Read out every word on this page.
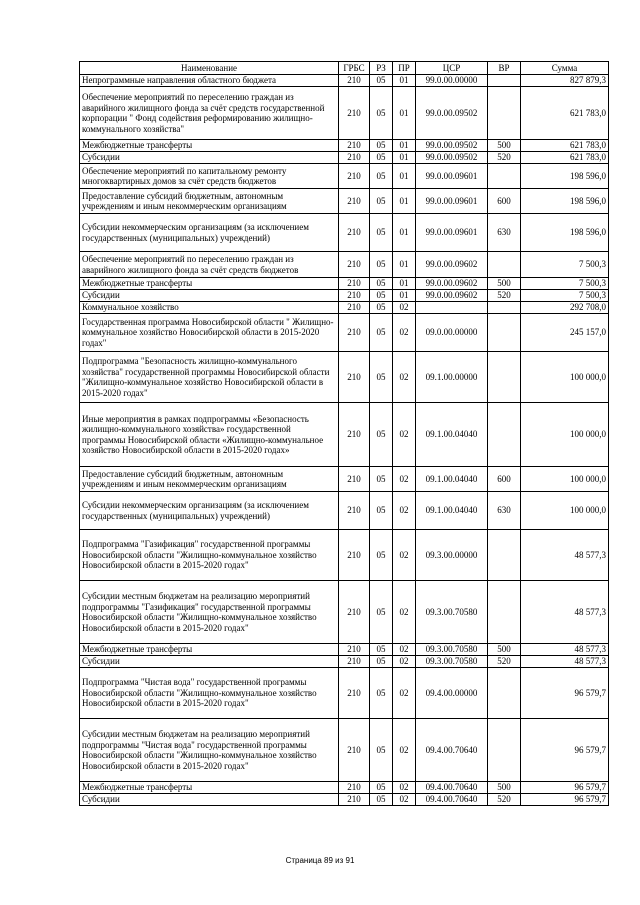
Наименование	ГРБС	РЗ	ПР	ЦСР	ВР	Сумма
Непрограммные направления областного бюджета	210	05	01	99.0.00.00000		827 879,3
Обеспечение мероприятий по переселению граждан из аварийного жилищного фонда за счёт средств государственной корпорации " Фонд содействия реформированию жилищно-коммунального хозяйства"	210	05	01	99.0.00.09502		621 783,0
Межбюджетные трансферты	210	05	01	99.0.00.09502	500	621 783,0
Субсидии	210	05	01	99.0.00.09502	520	621 783,0
Обеспечение мероприятий по капитальному ремонту многоквартирных домов за счёт средств бюджетов	210	05	01	99.0.00.09601		198 596,0
Предоставление субсидий бюджетным, автономным учреждениям и иным некоммерческим организациям	210	05	01	99.0.00.09601	600	198 596,0
Субсидии некоммерческим организациям (за исключением государственных (муниципальных) учреждений)	210	05	01	99.0.00.09601	630	198 596,0
Обеспечение мероприятий по переселению граждан из аварийного жилищного фонда за счёт средств бюджетов	210	05	01	99.0.00.09602		7 500,3
Межбюджетные трансферты	210	05	01	99.0.00.09602	500	7 500,3
Субсидии	210	05	01	99.0.00.09602	520	7 500,3
Коммунальное хозяйство	210	05	02			292 708,0
Государственная программа Новосибирской области " Жилищно-коммунальное хозяйство Новосибирской области в 2015-2020 годах"	210	05	02	09.0.00.00000		245 157,0
Подпрограмма "Безопасность жилищно-коммунального хозяйства" государственной программы Новосибирской области "Жилищно-коммунальное хозяйство Новосибирской области в 2015-2020 годах"	210	05	02	09.1.00.00000		100 000,0
Иные мероприятия в рамках подпрограммы «Безопасность жилищно-коммунального хозяйства» государственной программы Новосибирской области «Жилищно-коммунальное хозяйство Новосибирской области в 2015-2020 годах»	210	05	02	09.1.00.04040		100 000,0
Предоставление субсидий бюджетным, автономным учреждениям и иным некоммерческим организациям	210	05	02	09.1.00.04040	600	100 000,0
Субсидии некоммерческим организациям (за исключением государственных (муниципальных) учреждений)	210	05	02	09.1.00.04040	630	100 000,0
Подпрограмма "Газификация" государственной программы Новосибирской области "Жилищно-коммунальное хозяйство Новосибирской области в 2015-2020 годах"	210	05	02	09.3.00.00000		48 577,3
Субсидии местным бюджетам на реализацию мероприятий подпрограммы "Газификация" государственной программы Новосибирской области "Жилищно-коммунальное хозяйство Новосибирской области в 2015-2020 годах"	210	05	02	09.3.00.70580		48 577,3
Межбюджетные трансферты	210	05	02	09.3.00.70580	500	48 577,3
Субсидии	210	05	02	09.3.00.70580	520	48 577,3
Подпрограмма "Чистая вода" государственной программы Новосибирской области "Жилищно-коммунальное хозяйство Новосибирской области в 2015-2020 годах"	210	05	02	09.4.00.00000		96 579,7
Субсидии местным бюджетам на реализацию мероприятий подпрограммы "Чистая вода" государственной программы Новосибирской области "Жилищно-коммунальное хозяйство Новосибирской области в 2015-2020 годах"	210	05	02	09.4.00.70640		96 579,7
Межбюджетные трансферты	210	05	02	09.4.00.70640	500	96 579,7
Субсидии	210	05	02	09.4.00.70640	520	96 579,7
Страница 89 из 91
